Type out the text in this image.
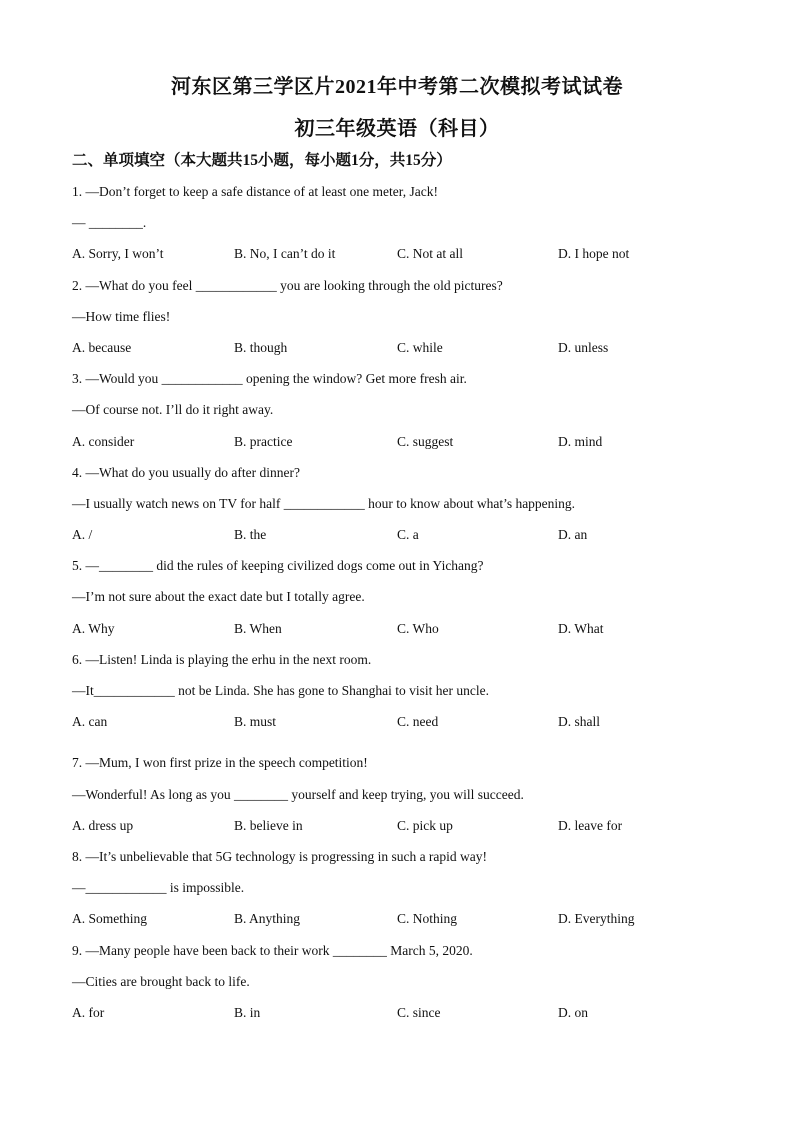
河东区第三学区片2021年中考第二次模拟考试试卷
初三年级英语（科目）
二、单项填空（本大题共15小题，每小题1分，共15分）
1. —Don’t forget to keep a safe distance of at least one meter, Jack!
— ________.
A. Sorry, I won’t	B. No, I can’t do it	C. Not at all	D. I hope not
2. —What do you feel ____________ you are looking through the old pictures?
—How time flies!
A. because	B. though	C. while	D. unless
3. —Would you ____________ opening the window? Get more fresh air.
—Of course not. I’ll do it right away.
A. consider	B. practice	C. suggest	D. mind
4. —What do you usually do after dinner?
—I usually watch news on TV for half ____________ hour to know about what’s happening.
A. /	B. the	C. a	D. an
5. —________ did the rules of keeping civilized dogs come out in Yichang?
—I’m not sure about the exact date but I totally agree.
A. Why	B. When	C. Who	D. What
6. —Listen! Linda is playing the erhu in the next room.
—It____________ not be Linda. She has gone to Shanghai to visit her uncle.
A. can	B. must	C. need	D. shall
7. —Mum, I won first prize in the speech competition!
—Wonderful! As long as you ________ yourself and keep trying, you will succeed.
A. dress up	B. believe in	C. pick up	D. leave for
8. —It’s unbelievable that 5G technology is progressing in such a rapid way!
—____________ is impossible.
A. Something	B. Anything	C. Nothing	D. Everything
9. —Many people have been back to their work ________ March 5, 2020.
—Cities are brought back to life.
A. for	B. in	C. since	D. on
